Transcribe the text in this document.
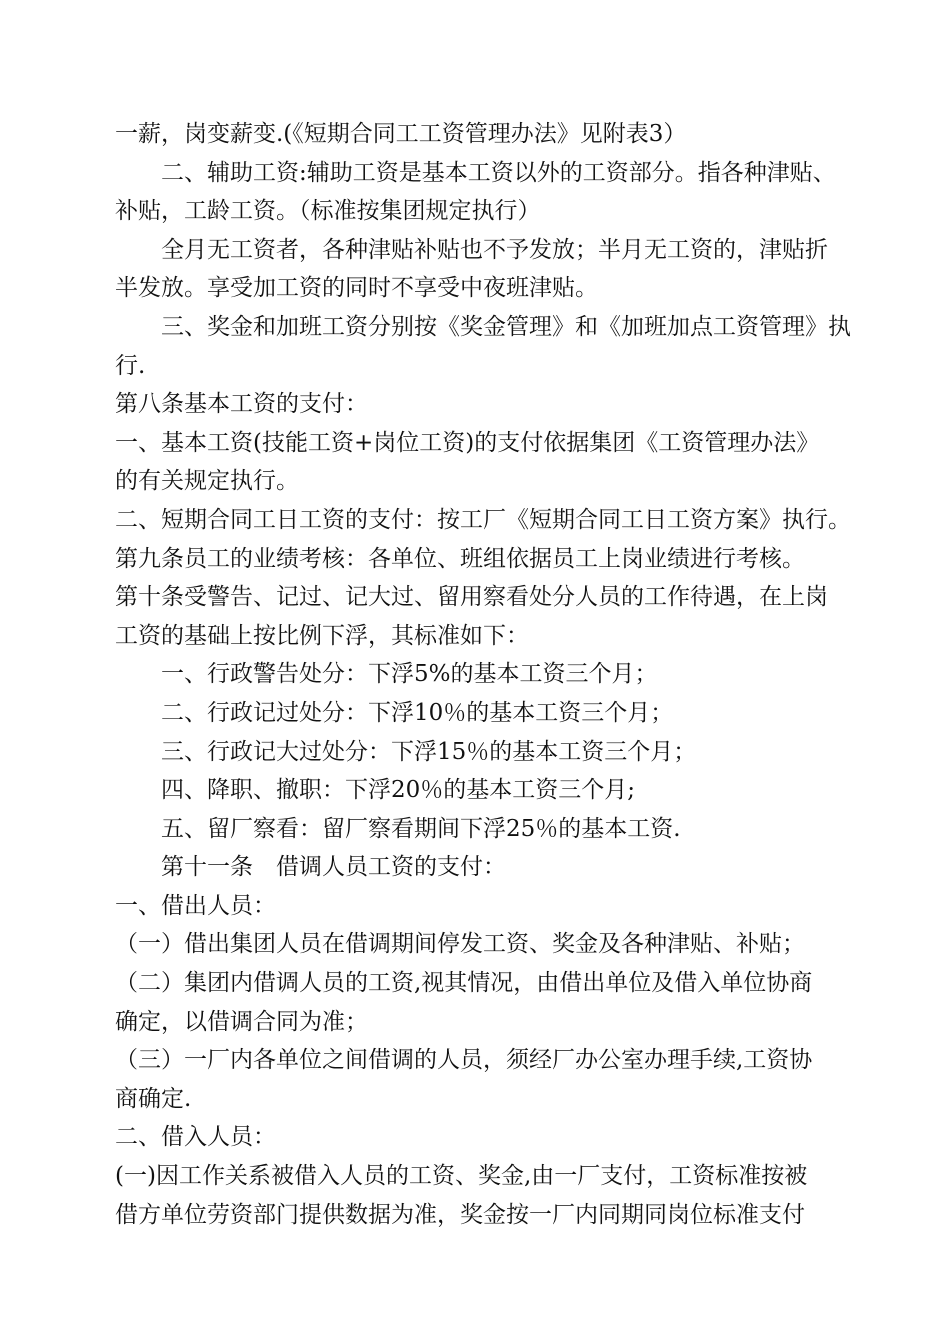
一薪，岗变薪变.(《短期合同工工资管理办法》见附表3）
二、辅助工资:辅助工资是基本工资以外的工资部分。指各种津贴、
补贴，工龄工资。（标准按集团规定执行）
全月无工资者，各种津贴补贴也不予发放；半月无工资的，津贴折
半发放。享受加工资的同时不享受中夜班津贴。
三、奖金和加班工资分别按《奖金管理》和《加班加点工资管理》执
行.
第八条基本工资的支付：
一、基本工资(技能工资+岗位工资)的支付依据集团《工资管理办法》
的有关规定执行。
二、短期合同工日工资的支付：按工厂《短期合同工日工资方案》执行。
第九条员工的业绩考核：各单位、班组依据员工上岗业绩进行考核。
第十条受警告、记过、记大过、留用察看处分人员的工作待遇，在上岗
工资的基础上按比例下浮，其标准如下：
一、行政警告处分：下浮5%的基本工资三个月；
二、行政记过处分：下浮10％的基本工资三个月；
三、行政记大过处分：下浮15％的基本工资三个月；
四、降职、撤职：下浮20％的基本工资三个月;
五、留厂察看：留厂察看期间下浮25％的基本工资.
第十一条　借调人员工资的支付：
一、借出人员：
（一）借出集团人员在借调期间停发工资、奖金及各种津贴、补贴；
（二）集团内借调人员的工资,视其情况，由借出单位及借入单位协商
确定，以借调合同为准；
（三）一厂内各单位之间借调的人员，须经厂办公室办理手续,工资协
商确定.
二、借入人员：
(一)因工作关系被借入人员的工资、奖金,由一厂支付，工资标准按被
借方单位劳资部门提供数据为准，奖金按一厂内同期同岗位标准支付
